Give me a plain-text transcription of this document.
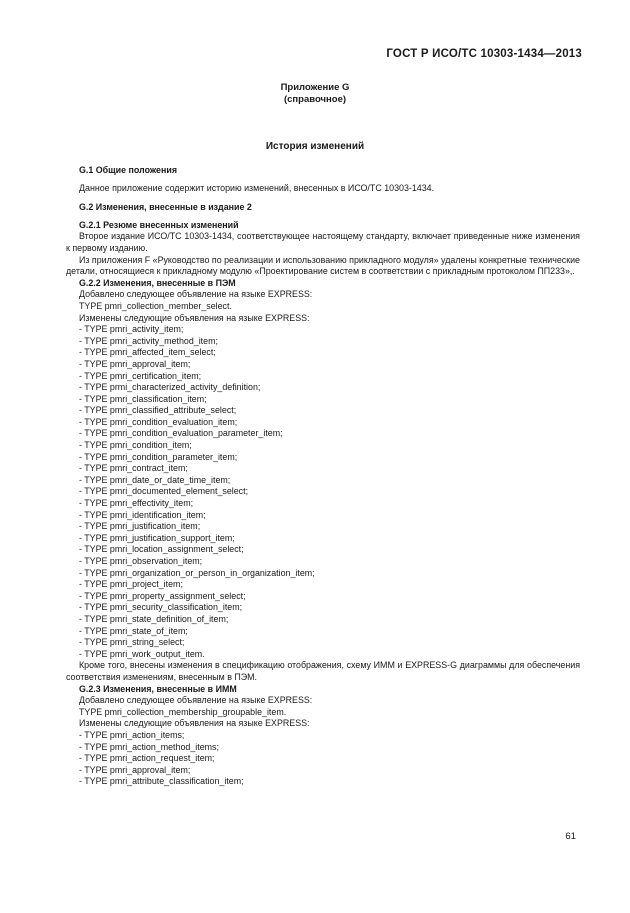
ГОСТ Р ИСО/ТС 10303-1434—2013
Приложение G
(справочное)
История изменений
G.1 Общие положения
Данное приложение содержит историю изменений, внесенных в ИСО/ТС 10303-1434.
G.2 Изменения, внесенные в издание 2
G.2.1 Резюме внесенных изменений
Второе издание ИСО/ТС 10303-1434, соответствующее настоящему стандарту, включает приведенные ниже изменения к первому изданию.
Из приложения F «Руководство по реализации и использованию прикладного модуля» удалены конкретные технические детали, относящиеся к прикладному модулю «Проектирование систем в соответствии с прикладным протоколом ПП233»,.
G.2.2 Изменения, внесенные в ПЭМ
Добавлено следующее объявление на языке EXPRESS:
TYPE pmri_collection_member_select.
Изменены следующие объявления на языке EXPRESS:
- TYPE pmri_activity_item;
- TYPE pmri_activity_method_item;
- TYPE pmri_affected_item_select;
- TYPE pmri_approval_item;
- TYPE pmri_certification_item;
- TYPE prmi_characterized_activity_definition;
- TYPE pmri_classification_item;
- TYPE pmri_classified_attribute_select;
- TYPE pmri_condition_evaluation_item;
- TYPE pmri_condition_evaluation_parameter_item;
- TYPE pmri_condition_item;
- TYPE pmri_condition_parameter_item;
- TYPE pmri_contract_item;
- TYPE pmri_date_or_date_time_item;
- TYPE pmri_documented_element_select;
- TYPE pmri_effectivity_item;
- TYPE pmri_identification_item;
- TYPE pmri_justification_item;
- TYPE pmri_justification_support_item;
- TYPE pmri_location_assignment_select;
- TYPE pmri_observation_item;
- TYPE pmri_organization_or_person_in_organization_item;
- TYPE pmri_project_item;
- TYPE pmri_property_assignment_select;
- TYPE pmri_security_classification_item;
- TYPE pmri_state_definition_of_item;
- TYPE pmri_state_of_item;
- TYPE pmri_string_select;
- TYPE pmri_work_output_item.
Кроме того, внесены изменения в спецификацию отображения, схему ИММ и EXPRESS-G диаграммы для обеспечения соответствия изменениям, внесенным в ПЭМ.
G.2.3 Изменения, внесенные в ИММ
Добавлено следующее объявление на языке EXPRESS:
TYPE pmri_collection_membership_groupable_item.
Изменены следующие объявления на языке EXPRESS:
- TYPE pmri_action_items;
- TYPE pmri_action_method_items;
- TYPE pmri_action_request_item;
- TYPE pmri_approval_item;
- TYPE pmri_attribute_classification_item;
61
